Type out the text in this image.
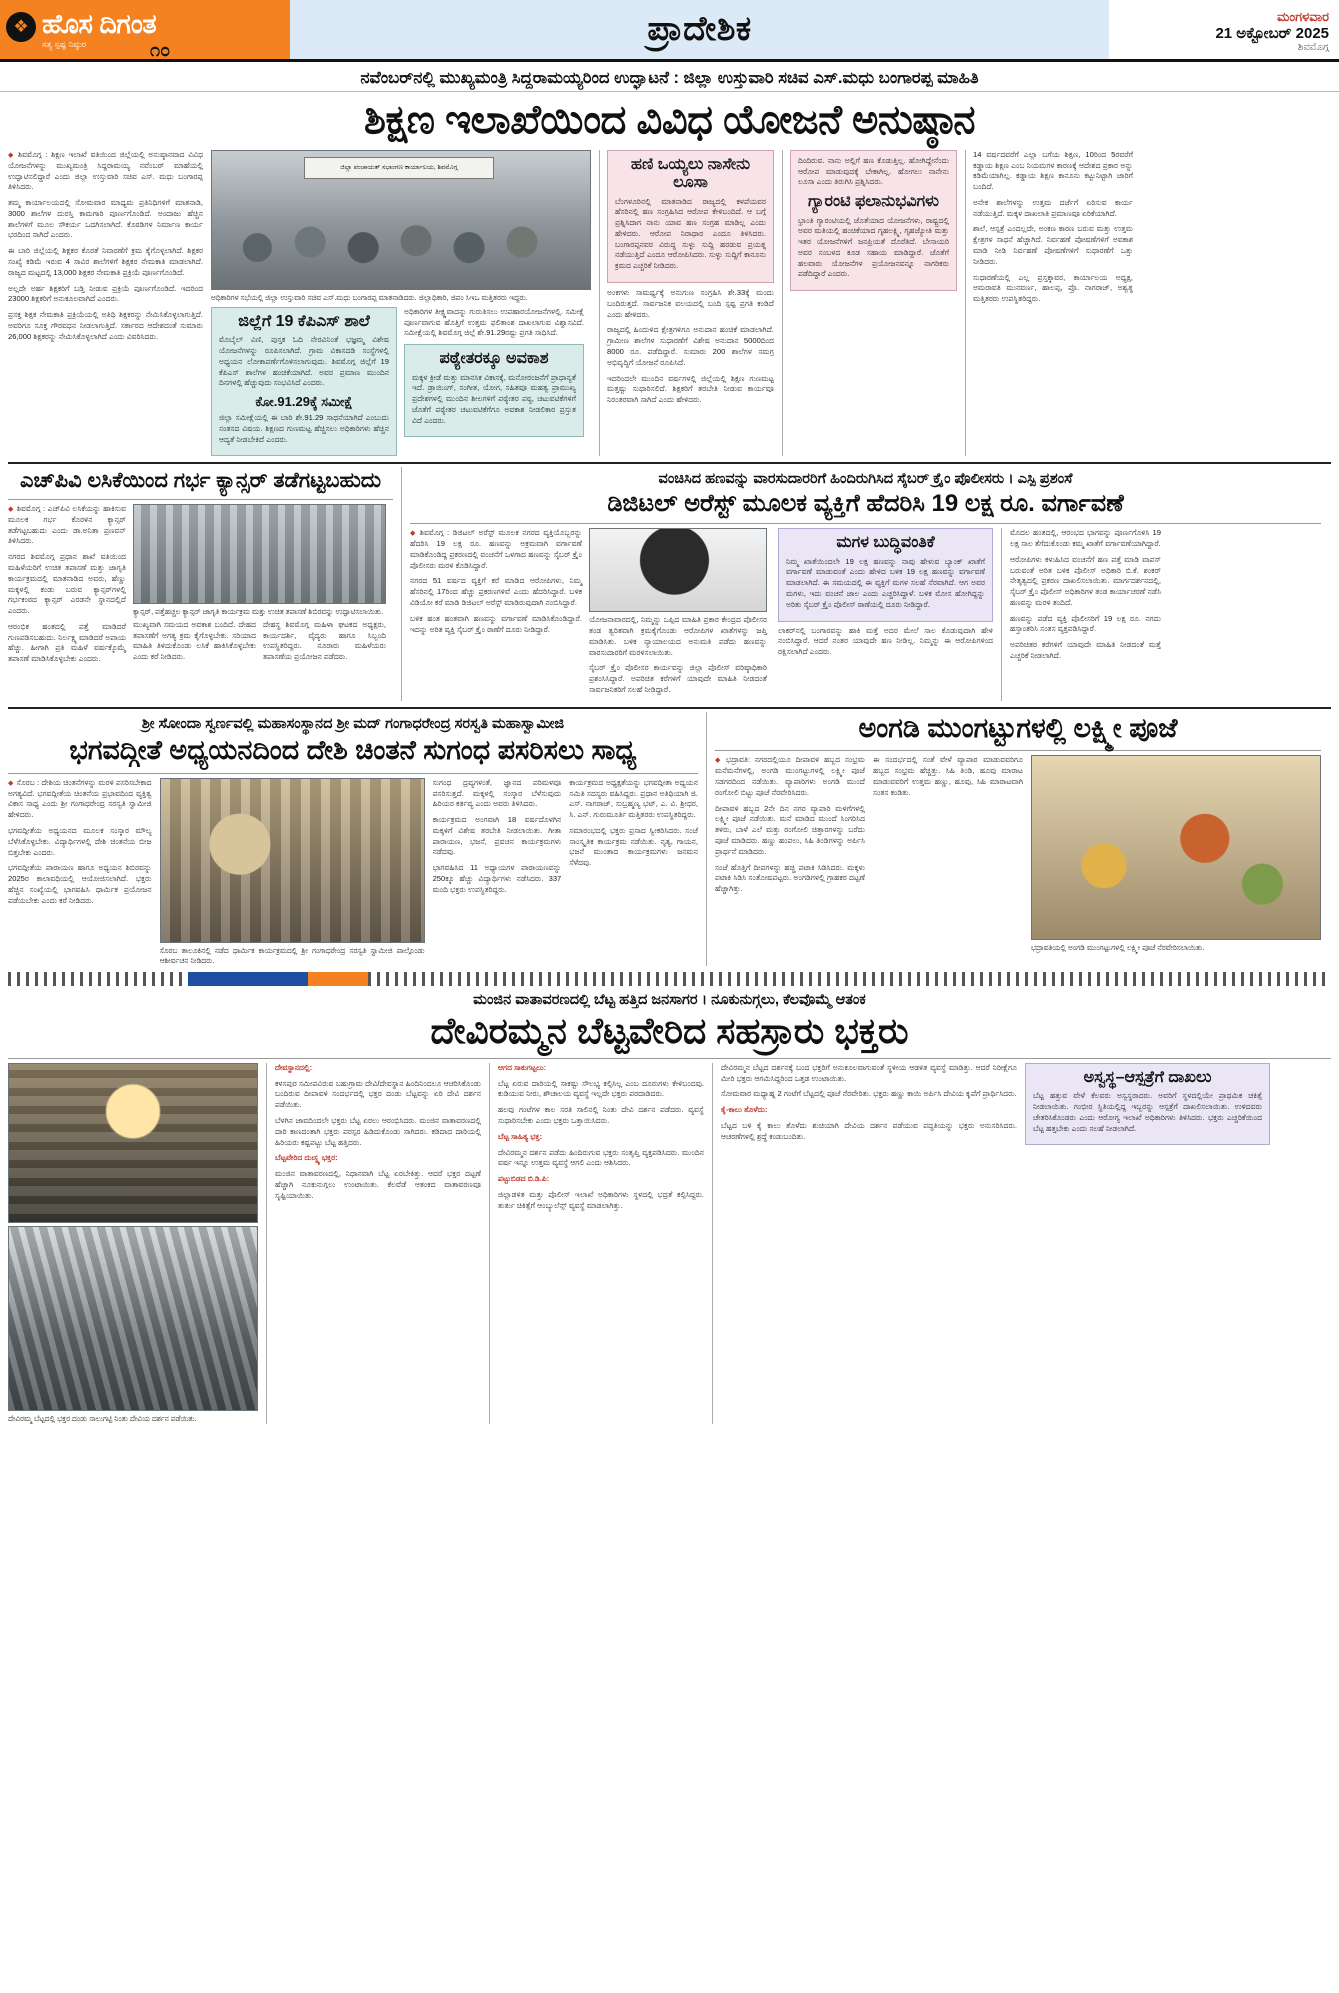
❖ ಹೊಸ ದಿಗಂತ
ಸತ್ಯ ಸ್ಪಷ್ಟ ನಿಷ್ಠುರ	೧೦
ಪ್ರಾದೇಶಿಕ	ಮಂಗಳವಾರ
21 ಅಕ್ಟೋಬರ್ 2025
ಶಿವಮೊಗ್ಗ
ನವೆಂಬರ್‌ನಲ್ಲಿ ಮುಖ್ಯಮಂತ್ರಿ ಸಿದ್ದರಾಮಯ್ಯರಿಂದ ಉದ್ಘಾಟನೆ : ಜಿಲ್ಲಾ ಉಸ್ತುವಾರಿ ಸಚಿವ ಎಸ್.ಮಧು ಬಂಗಾರಪ್ಪ ಮಾಹಿತಿ
ಶಿಕ್ಷಣ ಇಲಾಖೆಯಿಂದ ವಿವಿಧ ಯೋಜನೆ ಅನುಷ್ಠಾನ

◆ ಶಿವಮೊಗ್ಗ : ಶಿಕ್ಷಣ ಇಲಾಖೆ ವತಿಯಿಂದ ಜಿಲ್ಲೆಯಲ್ಲಿ ಅನುಷ್ಠಾನವಾದ ವಿವಿಧ ಯೋಜನೆಗಳನ್ನು ಮುಖ್ಯಮಂತ್ರಿ ಸಿದ್ದರಾಮಯ್ಯ ನವೆಂಬರ್ ಮಾಹೆಯಲ್ಲಿ ಉದ್ಘಾಟಿಸಲಿದ್ದಾರೆ ಎಂದು ಜಿಲ್ಲಾ ಉಸ್ತುವಾರಿ ಸಚಿವ ಎಸ್. ಮಧು ಬಂಗಾರಪ್ಪ ತಿಳಿಸಿದರು.

ತಮ್ಮ ಕಾರ್ಯಾಲಯದಲ್ಲಿ ಸೋಮವಾರ ಮಾಧ್ಯಮ ಪ್ರತಿನಿಧಿಗಳಿಗೆ ಮಾತನಾಡಿ, 3000 ಶಾಲೆಗಳ ದುರಸ್ತಿ ಕಾಮಗಾರಿ ಪೂರ್ಣಗೊಂಡಿದೆ. ಅಂದಾಜು ಹೆಚ್ಚಿನ ಶಾಲೆಗಳಿಗೆ ಮೂಲ ಸೌಕರ್ಯ ಒದಗಿಸಲಾಗಿದೆ. ಕೊಠಡಿಗಳ ನಿರ್ಮಾಣ ಕಾರ್ಯ ಭರದಿಂದ ಸಾಗಿದೆ ಎಂದರು.

ಈ ಬಾರಿ ಜಿಲ್ಲೆಯಲ್ಲಿ ಶಿಕ್ಷಕರ ಕೊರತೆ ನಿವಾರಣೆಗೆ ಕ್ರಮ ಕೈಗೊಳ್ಳಲಾಗಿದೆ. ಶಿಕ್ಷಕರ ಸಂಖ್ಯೆ ಕಡಿಮೆ ಇರುವ 4 ಸಾವಿರ ಶಾಲೆಗಳಿಗೆ ಶಿಕ್ಷಕರ ನೇಮಕಾತಿ ಮಾಡಲಾಗಿದೆ. ರಾಜ್ಯದ ಮಟ್ಟದಲ್ಲಿ 13,000 ಶಿಕ್ಷಕರ ನೇಮಕಾತಿ ಪ್ರಕ್ರಿಯೆ ಪೂರ್ಣಗೊಂಡಿದೆ.

ಅಲ್ಲದೇ ಅರ್ಹ ಶಿಕ್ಷಕರಿಗೆ ಬಡ್ತಿ ನೀಡುವ ಪ್ರಕ್ರಿಯೆ ಪೂರ್ಣಗೊಂಡಿದೆ. ಇದರಿಂದ 23000 ಶಿಕ್ಷಕರಿಗೆ ಅನುಕೂಲವಾಗಿದೆ ಎಂದರು.

ಪ್ರಸಕ್ತ ಶಿಕ್ಷಕ ನೇಮಕಾತಿ ಪ್ರಕ್ರಿಯೆಯಲ್ಲಿ ಅತಿಥಿ ಶಿಕ್ಷಕರನ್ನು ನೇಮಿಸಿಕೊಳ್ಳಲಾಗುತ್ತಿದೆ. ಅವರಿಗೂ ಸೂಕ್ತ ಗೌರವಧನ ನೀಡಲಾಗುತ್ತಿದೆ. ಸರ್ಕಾರದ ಆದೇಶದಂತೆ ಸುಮಾರು 26,000 ಶಿಕ್ಷಕರನ್ನು ನೇಮಿಸಿಕೊಳ್ಳಲಾಗಿದೆ ಎಂದು ವಿವರಿಸಿದರು.

ಜಿಲ್ಲಾ ಪಂಚಾಯತ್ ಸಭಾಂಗಣ ಕಾರ್ಯಾಲಯ, ಶಿವಮೊಗ್ಗ
ಅಧಿಕಾರಿಗಳ ಸಭೆಯಲ್ಲಿ ಜಿಲ್ಲಾ ಉಸ್ತುವಾರಿ ಸಚಿವ ಎಸ್.ಮಧು ಬಂಗಾರಪ್ಪ ಮಾತನಾಡಿದರು. ಜಿಲ್ಲಾಧಿಕಾರಿ, ಜಿಪಂ ಸಿಇಒ ಮತ್ತಿತರರು ಇದ್ದರು.
ಜಿಲ್ಲೆಗೆ 19 ಕೆಪಿಎಸ್ ಶಾಲೆ

ಮೊಬೈಲ್ ವಿಣಿ, ಪುಸ್ತಕ ಓದಿ ನೇರವಿನಿಂತೆ ಭಜ್ಞಮ್ಮ ವಿಶೇಷ ಯೋಜನೆಗಳನ್ನು ರೂಪಿಸಲಾಗಿದೆ. ಗ್ರಾಮ ವಿಕಾಸದಡಿ ಸಂಸ್ಥೆಗಳಲ್ಲಿ ಅಧ್ಯಯನ ಲೋಕಾಪರ್ಣೆಗೊಳಿಸಲಾಗುವುದು. ಶಿವಮೊಗ್ಗ ಜಿಲ್ಲೆಗೆ 19 ಕೆಪಿಎಸ್ ಶಾಲೆಗಳ ಹಂಚಿಕೆಯಾಗಿದೆ. ಅವರ ಪ್ರಮಾಣ ಮುಂದಿನ ದಿನಗಳಲ್ಲಿ ಹೆಚ್ಚುವುದು ಸಂಭವಿಸಿದೆ ಎಂದರು.

ಕೋ.91.29ಕ್ಕೆ ಸಮೀಕ್ಷೆ

ಜಿಲ್ಲಾ ಸಮೀಕ್ಷೆಯಲ್ಲಿ ಈ ಬಾರಿ ಶೇ.91.29 ಸಾಧನೆಯಾಗಿದೆ ಎಂಬುದು ಸಂತಸದ ವಿಷಯ. ಶಿಕ್ಷಣದ ಗುಣಮಟ್ಟ ಹೆಚ್ಚಿಸಲು ಅಧಿಕಾರಿಗಳು ಹೆಚ್ಚಿನ ಆದ್ಯತೆ ನೀಡಬೇಕಿದೆ ಎಂದರು.

ಅಧಿಕಾರಿಗಳ ತೀಕ್ಷ್ಣವಾದನ್ನು ಗುರುತಿಸಲು ಉಪಹಾರಯೋಜನೆಗಳಲ್ಲಿ. ಸಮೀಕ್ಷೆ ಪೂರ್ಣವಾಗುವ ಹೊತ್ತಿಗೆ ಉತ್ತಮ ಫಲಿತಾಂಶ ದಾಖಲಾಗುವ ವಿಶ್ವಾಸವಿದೆ. ಸಮೀಕ್ಷೆಯಲ್ಲಿ ಶಿವಮೊಗ್ಗ ಜಿಲ್ಲೆ ಶೇ.91.29ರಷ್ಟು ಪ್ರಗತಿ ಸಾಧಿಸಿದೆ.

ಪಠ್ಯೇತರಕ್ಕೂ ಅವಕಾಶ

ಮಕ್ಕಳ ಕ್ರೀಡೆ ಮತ್ತು ಮಾನಸಿಕ ವಿಕಾಸಕ್ಕೆ, ಮನೋರಂಜನೆಗೆ ಪ್ರಾಧಾನ್ಯತೆ ಇದೆ. ಡ್ರಾಯಿಂಗ್, ಸಂಗೀತ, ಯೋಗ, ಸಹಿತವೂ ಮಹತ್ವ ಪ್ರಾಮುಖ್ಯ ಪ್ರದೇಶಗಳಲ್ಲಿ ಮುಂದಿನ ಶೀಲಗಳಿಗೆ ಪಠ್ಯೇತರ ಪಠ್ಯ, ಚಟುವಟಿಕೆಗಳಿಗೆ ಜೊತೆಗೆ ಪಠ್ಯೇತರ ಚಟುವಟಿಕೆಗೆಗೂ ಅವಕಾಶ ನೀಡಲಿಕಾರ ಪ್ರಸ್ತುತ ವಿದೆ ಎಂದರು.

ಹಣಿ ಒಯ್ಯಲು ನಾಸೇನು ಲೂಸಾ

ಬೆಂಗಳೂರಿನಲ್ಲಿ ಮಾತನಾಡಿದ ರಾಜ್ಯದಲ್ಲಿ ಕಳಪೆಯವರ ಹೆಸರಿನಲ್ಲಿ ಹಣ ಸಂಗ್ರಹಿಸಿದ ಆರೋಪ ಕೇಳಿಬಂದಿದೆ. ಆ ಬಗ್ಗೆ ಪ್ರಶ್ನಿಸಿದಾಗ ನಾನು ಯಾವ ಹಣ ಸಂಗ್ರಹ ಮಾಡಿಲ್ಲ ಎಂದು ಹೇಳಿದರು. ಆರೋಪ ನಿರಾಧಾರ ಎಂದೂ ತಿಳಿಸಿದರು. ಬಂಗಾರಪ್ಪನವರ ವಿರುದ್ಧ ಸುಳ್ಳು ಸುದ್ದಿ ಹರಡುವ ಪ್ರಯತ್ನ ನಡೆಯುತ್ತಿದೆ ಎಂದೂ ಆರೋಪಿಸಿದರು. ಸುಳ್ಳು ಸುದ್ದಿಗೆ ಕಾನೂನು ಕ್ರಮದ ಎಚ್ಚರಿಕೆ ನೀಡಿದರು.

ಅಂಕಗಳು ಸಾಮರ್ಥ್ಯಕ್ಕೆ ಅನುಗುಣ ಸಂಗ್ರಹಿಸಿ ಶೇ.33ಕ್ಕೆ ಮಂದು ಬಂದಿರುತ್ತದೆ. ಸಾರ್ವಜನಿಕ ವಲಯದಲ್ಲಿ ಬಂದಿ ಸ್ಪಷ್ಟ ಪ್ರಗತಿ ಕಂಡಿದೆ ಎಂದು ಹೇಳಿದರು.

ರಾಜ್ಯದಲ್ಲಿ ಹಿಂದುಳಿದ ಕ್ಷೇತ್ರಗಳಿಗೂ ಅನುದಾನ ಹಂಚಿಕೆ ಮಾಡಲಾಗಿದೆ. ಗ್ರಾಮೀಣ ಶಾಲೆಗಳ ಸುಧಾರಣೆಗೆ ವಿಶೇಷ ಅನುದಾನ 5000ದಿಂದ 8000 ರೂ. ಪಡೆದಿದ್ದಾರೆ. ಸುಮಾರು 200 ಶಾಲೆಗಳ ಸಮಗ್ರ ಅಭಿವೃದ್ಧಿಗೆ ಯೋಜನೆ ರೂಪಿಸಿದೆ.

ಇದರಿಂದಲೇ ಮುಂದಿನ ವರ್ಷಗಳಲ್ಲಿ ಜಿಲ್ಲೆಯಲ್ಲಿ ಶಿಕ್ಷಣ ಗುಣಮಟ್ಟ ಮತ್ತಷ್ಟು ಸುಧಾರಿಸಲಿದೆ. ಶಿಕ್ಷಕರಿಗೆ ತರಬೇತಿ ನೀಡುವ ಕಾರ್ಯವೂ ನಿರಂತರವಾಗಿ ಸಾಗಿದೆ ಎಂದು ಹೇಳಿದರು.

ದಿಂದಿರುವ. ನಾನು ಅಲ್ಲಿಗೆ ಹಣ ಕೊಡುತ್ತಿಲ್ಲ. ಹೋಗಿದ್ದೇನೆಂದು ಆರೋಪ ಮಾಡುವುದಕ್ಕೆ ಬೇಕಾಗಿಲ್ಲ. ಹೋಗಲು ನಾನೇನು ಲೂಸಾ ಎಂದು ತಿರುಗಿಸಿ ಪ್ರಶ್ನಿಸಿದರು.

ಗ್ಯಾರಂಟಿ ಫಲಾನುಭವಿಗಳು

ಭ್ರಾಂತಿ ಗ್ಯಾರಂಟಿಯಲ್ಲಿ ಜೊತೆಯಾದ ಯೋಜನೆಗಳು, ರಾಷ್ಟ್ರದಲ್ಲಿ ಅವರ ಮತಿಯಲ್ಲಿ ಹಂಚಿಕೆಯಾದ ಗೃಹಲಕ್ಷ್ಮಿ, ಗೃಹಜ್ಯೋತಿ ಮತ್ತು ಇತರ ಯೋಜನೆಗಳಿಗೆ ಜನಪ್ರಿಯತೆ ದೊರೆತಿದೆ. ಬೇಸಾಯರಿ ಅವರ ಸಂಬಳದ ಕೂಡ ಸಹಾಯ ಮಾಡಿದ್ದಾರೆ. ಜೊತೆಗೆ ಹಲವಾರು ಯೋಜನೆಗಳ ಪ್ರಯೋಜನವನ್ನೂ ನಾಗರಿಕರು ಪಡೆದಿದ್ದಾರೆ ಎಂದರು.

14 ವರ್ಷದವರೆಗೆ ಎಲ್ಲಾ ಬಗೆಯ ಶಿಕ್ಷಣ, 10ರಿಂದ 5ರವರೆಗೆ ಕಡ್ಡಾಯ ಶಿಕ್ಷಣ ಎಂಬ ನಿಯಮಗಳ ಕಾರಣಕ್ಕೆ ಆದೇಶದ ಪ್ರಕಾರ ಅನ್ನು ಕಡಿಮೆಯಾಗಿಲ್ಲ. ಕಡ್ಡಾಯ ಶಿಕ್ಷಣ ಕಾನೂನು ಕಟ್ಟುನಿಟ್ಟಾಗಿ ಜಾರಿಗೆ ಬಂದಿದೆ.

ಅನೇಕ ಶಾಲೆಗಳನ್ನು ಉತ್ತಮ ದರ್ಜೆಗೆ ಏರಿಸುವ ಕಾರ್ಯ ನಡೆಯುತ್ತಿದೆ. ಮಕ್ಕಳ ದಾಖಲಾತಿ ಪ್ರಮಾಣವೂ ಏರಿಕೆಯಾಗಿದೆ.

ಶಾಲೆ, ಆಸ್ಪತ್ರೆ ಎಂದಲ್ಲದೇ, ಅಂಕಣ ಕಾರಣ ಬರುವ ಮತ್ತು ಉತ್ತಮ ಕ್ಷೇತ್ರಗಳ ಸಾಧನೆ ಹೆಚ್ಚಾಗಿದೆ. ನಿರ್ವಹಣೆ ಪೋಷಣೆಗಳಿಗೆ ಅವಕಾಶ ಮಾಡಿ ನೀಡಿ ನಿರ್ವಹಣೆ ಪೋಷಣೆಗಳಿಗೆ ಸುಧಾರಣೆಗೆ ಒತ್ತು ನೀಡಿದರು.

ಸುಧಾರಣೆಯಲ್ಲಿ ಎಲ್ಲ ಪ್ರಸ್ತಕ್ಕಾವರ, ಕಾರ್ಯಾಲಯ ಅಧ್ಯಕ್ಷ, ಅಮರಾವತಿ ಮುನವರ್ಣ, ಹಾಲಪ್ಪ, ಪ್ರೊ. ನಾಗರಾಜ್, ಅಶ್ವತ್ಥ ಮತ್ತಿತರರು ಉಪಸ್ಥಿತರಿದ್ದರು.

ಎಚ್‌ಪಿವಿ ಲಸಿಕೆಯಿಂದ ಗರ್ಭ ಕ್ಯಾನ್ಸರ್ ತಡೆಗಟ್ಟಬಹುದು

◆ ಶಿವಮೊಗ್ಗ : ಎಚ್‌ಪಿವಿ ಲಸಿಕೆಯನ್ನು ಹಾಕಿಸುವ ಮೂಲಕ ಗರ್ಭ ಕೊರಳಿನ ಕ್ಯಾನ್ಸರ್ ತಡೆಗಟ್ಟಬಹುದು ಎಂದು ಡಾ.ಅನಿತಾ ಪ್ರಣವನ್ ತಿಳಿಸಿದರು.

ನಗರದ ಶಿವಮೊಗ್ಗ ಪ್ರಧಾನ ಶಾಖೆ ವತಿಯಿಂದ ಮಹಿಳೆಯರಿಗೆ ಉಚಿತ ತಪಾಸಣೆ ಮತ್ತು ಜಾಗೃತಿ ಕಾರ್ಯಕ್ರಮದಲ್ಲಿ ಮಾತನಾಡಿದ ಅವರು, ಹೆಣ್ಣು ಮಕ್ಕಳಲ್ಲಿ ಕಂಡು ಬರುವ ಕ್ಯಾನ್ಸರ್‌ಗಳಲ್ಲಿ ಗರ್ಭಕಂಠದ ಕ್ಯಾನ್ಸರ್ ಎರಡನೇ ಸ್ಥಾನದಲ್ಲಿದೆ ಎಂದರು.

ಆರಂಭಿಕ ಹಂತದಲ್ಲಿ ಪತ್ತೆ ಮಾಡಿದರೆ ಗುಣಪಡಿಸಬಹುದು. ನಿರ್ಲಕ್ಷ್ಯ ಮಾಡಿದರೆ ಅಪಾಯ ಹೆಚ್ಚು. ಹೀಗಾಗಿ ಪ್ರತಿ ಮಹಿಳೆ ವರ್ಷಕ್ಕೊಮ್ಮೆ ತಪಾಸಣೆ ಮಾಡಿಸಿಕೊಳ್ಳಬೇಕು ಎಂದರು.

ಕ್ಯಾನ್ಸರ್, ಪತ್ತೆಹಚ್ಚಲ ಕ್ಯಾನ್ಸರ್ ಜಾಗೃತಿ ಕಾರ್ಯಕ್ರಮ ಮತ್ತು ಉಚಿತ ತಪಾಸಣೆ ಶಿಬಿರವನ್ನು ಉದ್ಘಾಟಿಸಲಾಯಿತು.

ಮುಖ್ಯವಾಗಿ ಸಮಯದ ಅವಕಾಶ ಬಂದಿದೆ. ದೇಹದ ತಪಾಸಣೆಗೆ ಅಗತ್ಯ ಕ್ರಮ ಕೈಗೊಳ್ಳಬೇಕು. ಸರಿಯಾದ ಮಾಹಿತಿ ತಿಳಿದುಕೊಂಡು ಲಸಿಕೆ ಹಾಕಿಸಿಕೊಳ್ಳಬೇಕು ಎಂದು ಕರೆ ನೀಡಿದರು.

ದೇಹಸ್ಥ ಶಿವಮೊಗ್ಗ ಮಹಿಳಾ ಘಟಕದ ಅಧ್ಯಕ್ಷರು, ಕಾರ್ಯದರ್ಶಿ, ವೈದ್ಯರು ಹಾಗೂ ಸಿಬ್ಬಂದಿ ಉಪಸ್ಥಿತರಿದ್ದರು. ನೂರಾರು ಮಹಿಳೆಯರು ತಪಾಸಣೆಯ ಪ್ರಯೋಜನ ಪಡೆದರು.

ವಂಚಿಸಿದ ಹಣವನ್ನು ವಾರಸುದಾರರಿಗೆ ಹಿಂದಿರುಗಿಸಿದ ಸೈಬರ್ ಕ್ರೈಂ ಪೊಲೀಸರು । ಎಸ್ಪಿ ಪ್ರಶಂಸೆ
ಡಿಜಿಟಲ್ ಅರೆಸ್ಟ್ ಮೂಲಕ ವ್ಯಕ್ತಿಗೆ ಹೆದರಿಸಿ 19 ಲಕ್ಷ ರೂ. ವರ್ಗಾವಣೆ

◆ ಶಿವಮೊಗ್ಗ : ಡಿಜಿಟಲ್ ಅರೆಸ್ಟ್ ಮೂಲಕ ನಗರದ ವ್ಯಕ್ತಿಯೊಬ್ಬರನ್ನು ಹೆದರಿಸಿ 19 ಲಕ್ಷ ರೂ. ಹಣವನ್ನು ಅಕ್ರಮವಾಗಿ ವರ್ಗಾವಣೆ ಮಾಡಿಕೊಂಡಿದ್ದ ಪ್ರಕರಣದಲ್ಲಿ ವಂಚನೆಗೆ ಒಳಗಾದ ಹಣವನ್ನು ಸೈಬರ್ ಕ್ರೈಂ ಪೊಲೀಸರು ಮರಳಿ ಕೊಡಿಸಿದ್ದಾರೆ.

ನಗರದ 51 ವರ್ಷದ ವ್ಯಕ್ತಿಗೆ ಕರೆ ಮಾಡಿದ ಆರೋಪಿಗಳು, ನಿಮ್ಮ ಹೆಸರಿನಲ್ಲಿ 17ರಿಂದ ಹೆಚ್ಚು ಪ್ರಕರಣಗಳಿವೆ ಎಂದು ಹೆದರಿಸಿದ್ದಾರೆ. ಬಳಿಕ ವಿಡಿಯೋ ಕರೆ ಮಾಡಿ ಡಿಜಿಟಲ್ ಅರೆಸ್ಟ್ ಮಾಡಿರುವುದಾಗಿ ನಂಬಿಸಿದ್ದಾರೆ.

ಬಳಿಕ ಹಂತ ಹಂತವಾಗಿ ಹಣವನ್ನು ವರ್ಗಾವಣೆ ಮಾಡಿಸಿಕೊಂಡಿದ್ದಾರೆ. ಇದನ್ನು ಅರಿತ ವ್ಯಕ್ತಿ ಸೈಬರ್ ಕ್ರೈಂ ಠಾಣೆಗೆ ದೂರು ನೀಡಿದ್ದಾರೆ.

ಯೋಜನಾವಾರದಲ್ಲಿ, ನಿಮ್ಮನ್ನು ಒಪ್ಪಿದ ಮಾಹಿತಿ ಪ್ರಕಾರ ಕೇಂದ್ರದ ಪೊಲೀಸರ ತಂಡ ತ್ವರಿತವಾಗಿ ಕ್ರಮಕೈಗೊಂಡು ಆರೋಪಿಗಳ ಖಾತೆಗಳನ್ನು ಜಪ್ತಿ ಮಾಡಿಸಿತು. ಬಳಿಕ ನ್ಯಾಯಾಲಯದ ಅನುಮತಿ ಪಡೆದು ಹಣವನ್ನು ವಾರಸುದಾರರಿಗೆ ಮರಳಿಸಲಾಯಿತು.

ಸೈಬರ್ ಕ್ರೈಂ ಪೊಲೀಸರ ಕಾರ್ಯವನ್ನು ಜಿಲ್ಲಾ ಪೊಲೀಸ್ ವರಿಷ್ಠಾಧಿಕಾರಿ ಪ್ರಶಂಸಿಸಿದ್ದಾರೆ. ಅಪರಿಚಿತ ಕರೆಗಳಿಗೆ ಯಾವುದೇ ಮಾಹಿತಿ ನೀಡದಂತೆ ಸಾರ್ವಜನಿಕರಿಗೆ ಸಲಹೆ ನೀಡಿದ್ದಾರೆ.

ಮಗಳ ಬುದ್ಧಿವಂತಿಕೆ

ನಿಮ್ಮ ಖಾತೆಯಿಂದಲೇ 19 ಲಕ್ಷ ಹಣವನ್ನು ನಾವು ಹೇಳುವ ಬ್ಯಾಂಕ್ ಖಾತೆಗೆ ವರ್ಗಾವಣೆ ಮಾಡುವಂತೆ ಎಂದು ಹೇಳಿದ ಬಳಿಕ 19 ಲಕ್ಷ ಹಣವನ್ನು ವರ್ಗಾವಣೆ ಮಾಡಲಾಗಿದೆ. ಈ ಸಮಯದಲ್ಲಿ ಈ ವ್ಯಕ್ತಿಗೆ ಮಗಳ ಸಲಹೆ ನೆರವಾಗಿದೆ. ಆಗ ಅವರ ಮಗಳು, ಇದು ವಂಚನೆ ಜಾಲ ಎಂದು ಎಚ್ಚರಿಸಿದ್ದಾಳೆ. ಬಳಿಕ ಮೋಸ ಹೋಗಿದ್ದನ್ನು ಅರಿತು ಸೈಬರ್ ಕ್ರೈಂ ಪೊಲೀಸ್ ಠಾಣೆಯಲ್ಲಿ ದೂರು ನೀಡಿದ್ದಾರೆ.

ಲಾಕರ್‌ನಲ್ಲಿ ಬಂಗಾರವನ್ನು ಹಾಕಿ ಮತ್ತೆ ಅದರ ಮೇಲೆ ಸಾಲ ಕೊಡುವುದಾಗಿ ಹೇಳಿ ನಂಬಿಸಿದ್ದಾರೆ. ಆದರೆ ನಂತರ ಯಾವುದೇ ಹಣ ನೀಡಿಲ್ಲ. ನಿಮ್ಮನ್ನು ಈ ಆರೋಪಿಗಳಿಂದ ರಕ್ಷಿಸಲಾಗಿದೆ ಎಂದರು.

ಮೊದಲ ಹಂತದಲ್ಲಿ, ಆರಂಭದ ಭಾಗವನ್ನು ಪೂರ್ಣಗೊಳಿಸಿ 19 ಲಕ್ಷ ಸಾಲ ತೆಗೆದುಕೊಂಡು ಕಮ್ಮ ಖಾತೆಗೆ ವರ್ಗಾವಣೆಯಾಗಿದ್ದಾರೆ.

ಆರೋಪಿಗಳು ಕಳುಹಿಸಿದ ವಂಚನೆಗೆ ಹಣ ಪತ್ತೆ ಮಾಡಿ ವಾಪಸ್ ಬರುವಂತೆ ಅರಿತ ಬಳಿಕ ಪೊಲೀಸ್ ಅಧಿಕಾರಿ ಬಿ.ಕೆ. ಶಂಕರ್ ನೇತೃತ್ವದಲ್ಲಿ ಪ್ರಕರಣ ದಾಖಲಿಸಲಾಯಿತು. ಮಾರ್ಗದರ್ಶನದಲ್ಲಿ, ಸೈಬರ್ ಕ್ರೈಂ ಪೊಲೀಸ್ ಅಧಿಕಾರಿಗಳ ತಂಡ ಕಾರ್ಯಾಚರಣೆ ನಡೆಸಿ ಹಣವನ್ನು ಮರಳಿ ತಂದಿದೆ.

ಹಣವನ್ನು ಪಡೆದ ವ್ಯಕ್ತಿ ಪೊಲೀಸರಿಗೆ 19 ಲಕ್ಷ ರೂ. ನಗದು ಹಸ್ತಾಂತರಿಸಿ ಸಂತಸ ವ್ಯಕ್ತಪಡಿಸಿದ್ದಾರೆ.

ಅಪರಿಚಿತರ ಕರೆಗಳಿಗೆ ಯಾವುದೇ ಮಾಹಿತಿ ನೀಡದಂತೆ ಮತ್ತೆ ಎಚ್ಚರಿಕೆ ನೀಡಲಾಗಿದೆ.

ಶ್ರೀ ಸೋಂದಾ ಸ್ವರ್ಣವಲ್ಲಿ ಮಹಾಸಂಸ್ಥಾನದ ಶ್ರೀ ಮದ್ ಗಂಗಾಧರೇಂದ್ರ ಸರಸ್ವತಿ ಮಹಾಸ್ವಾಮೀಜಿ
ಭಗವದ್ಗೀತೆ ಅಧ್ಯಯನದಿಂದ ದೇಶಿ ಚಿಂತನೆ ಸುಗಂಧ ಪಸರಿಸಲು ಸಾಧ್ಯ

◆ ಸೊರಬ : ದೇಶಿಯ ಚಿಂತನೆಗಳನ್ನು ಮರಳಿ ಪಸರಿಸಬೇಕಾದ ಅಗತ್ಯವಿದೆ. ಭಗವದ್ಗೀತೆಯ ಚಿಂತನೆಯ ಪ್ರಭಾವದಿಂದ ವ್ಯಕ್ತಿತ್ವ ವಿಕಾಸ ಸಾಧ್ಯ ಎಂದು ಶ್ರೀ ಗಂಗಾಧರೇಂದ್ರ ಸರಸ್ವತಿ ಸ್ವಾಮೀಜಿ ಹೇಳಿದರು.

ಭಗವದ್ಗೀತೆಯ ಅಧ್ಯಯನದ ಮೂಲಕ ಸಂಸ್ಕಾರ ಮೌಲ್ಯ ಬೆಳೆಸಿಕೊಳ್ಳಬೇಕು. ವಿದ್ಯಾರ್ಥಿಗಳಲ್ಲಿ ದೇಶಿ ಚಿಂತನೆಯ ಬೀಜ ಬಿತ್ತಬೇಕು ಎಂದರು.

ಭಗವದ್ಗೀತೆಯ ಪಾರಾಯಣ ಹಾಗೂ ಅಧ್ಯಯನ ಶಿಬಿರವನ್ನು 2025ರ ಕಾಲಾವಧಿಯಲ್ಲಿ ಆಯೋಜಿಸಲಾಗಿದೆ. ಭಕ್ತರು ಹೆಚ್ಚಿನ ಸಂಖ್ಯೆಯಲ್ಲಿ ಭಾಗವಹಿಸಿ ಧಾರ್ಮಿಕ ಪ್ರಯೋಜನ ಪಡೆಯಬೇಕು ಎಂದು ಕರೆ ನೀಡಿದರು.

ಸೊರಬ ತಾಲೂಕಿನಲ್ಲಿ ನಡೆದ ಧಾರ್ಮಿಕ ಕಾರ್ಯಕ್ರಮದಲ್ಲಿ ಶ್ರೀ ಗಂಗಾಧರೇಂದ್ರ ಸರಸ್ವತಿ ಸ್ವಾಮೀಜಿ ಪಾಲ್ಗೊಂಡು ಆಶೀರ್ವಚನ ನೀಡಿದರು.

ಸುಗಂಧ ದ್ರವ್ಯಗಳಂತೆ, ಜ್ಞಾನದ ಪರಿಮಳವೂ ಪಸರಿಸುತ್ತದೆ. ಮಕ್ಕಳಲ್ಲಿ ಸಂಸ್ಕಾರ ಬೆಳೆಸುವುದು ಹಿರಿಯರ ಕರ್ತವ್ಯ ಎಂದು ಅವರು ತಿಳಿಸಿದರು.

ಕಾರ್ಯಕ್ರಮದ ಅಂಗವಾಗಿ 18 ವರ್ಷದೊಳಗಿನ ಮಕ್ಕಳಿಗೆ ವಿಶೇಷ ತರಬೇತಿ ನೀಡಲಾಯಿತು. ಗೀತಾ ಪಾರಾಯಣ, ಭಜನೆ, ಪ್ರವಚನ ಕಾರ್ಯಕ್ರಮಗಳು ನಡೆದವು.

ಭಾಗವಹಿಸಿದ 11 ಅಧ್ಯಾಯಗಳ ಪಾರಾಯಣವನ್ನು 250ಕ್ಕೂ ಹೆಚ್ಚು ವಿದ್ಯಾರ್ಥಿಗಳು ನಡೆಸಿದರು. 337 ಮಂದಿ ಭಕ್ತರು ಉಪಸ್ಥಿತರಿದ್ದರು.

ಕಾರ್ಯಕ್ರಮದ ಅಧ್ಯಕ್ಷತೆಯನ್ನು ಭಗವದ್ಗೀತಾ ಅಧ್ಯಯನ ಸಮಿತಿ ಸದಸ್ಯರು ವಹಿಸಿದ್ದರು. ಪ್ರಧಾನ ಅತಿಥಿಯಾಗಿ ಜಿ. ಎಸ್. ನಾಗರಾಜ್, ಸುಬ್ರಹ್ಮಣ್ಯ ಭಟ್, ಎ. ವಿ. ಶ್ರೀಧರ, ಸಿ. ಎನ್. ಗುರುಮೂರ್ತಿ ಮತ್ತಿತರರು ಉಪಸ್ಥಿತರಿದ್ದರು.

ಸಮಾರಂಭದಲ್ಲಿ ಭಕ್ತರು ಪ್ರಸಾದ ಸ್ವೀಕರಿಸಿದರು. ಸಂಜೆ ಸಾಂಸ್ಕೃತಿಕ ಕಾರ್ಯಕ್ರಮ ನಡೆಯಿತು. ನೃತ್ಯ, ಗಾಯನ, ಭಜನೆ ಮುಂತಾದ ಕಾರ್ಯಕ್ರಮಗಳು ಜನಮನ ಸೆಳೆದವು.

ಅಂಗಡಿ ಮುಂಗಟ್ಟುಗಳಲ್ಲಿ ಲಕ್ಷ್ಮೀ ಪೂಜೆ

◆ ಭದ್ರಾವತಿ: ನಗರದಲ್ಲಿಯೂ ದೀಪಾವಳಿ ಹಬ್ಬದ ಸಂಭ್ರಮ ಮನೆಮನೆಗಳಲ್ಲಿ, ಅಂಗಡಿ ಮುಂಗಟ್ಟುಗಳಲ್ಲಿ ಲಕ್ಷ್ಮೀ ಪೂಜೆ ಸಡಗರದಿಂದ ನಡೆಯಿತು. ವ್ಯಾಪಾರಿಗಳು ಅಂಗಡಿ ಮುಂದೆ ರಂಗೋಲಿ ಬಿಟ್ಟು ಪೂಜೆ ನೆರವೇರಿಸಿದರು.

ದೀಪಾವಳಿ ಹಬ್ಬದ 2ನೇ ದಿನ ನಗರ ವ್ಯಾಪಾರಿ ಮಳಿಗೆಗಳಲ್ಲಿ ಲಕ್ಷ್ಮೀ ಪೂಜೆ ನಡೆಯಿತು. ಮನೆ ಮಾಡಿದ ಮುಂದೆ ಸಿಂಗರಿಸಿದ ತಳಿರು, ಬಾಳೆ ಎಲೆ ಮತ್ತು ರಂಗೋಲಿ ಚಿತ್ತಾರಗಳನ್ನು ಬರೆದು ಪೂಜೆ ಮಾಡಿದರು. ಹಣ್ಣು ಹಂಪಲು, ಸಿಹಿ ತಿಂಡಿಗಳನ್ನು ಅರ್ಪಿಸಿ ಪ್ರಾರ್ಥನೆ ಮಾಡಿದರು.

ಸಂಜೆ ಹೊತ್ತಿಗೆ ದೀಪಗಳನ್ನು ಹಚ್ಚಿ ಪಟಾಕಿ ಸಿಡಿಸಿದರು. ಮಕ್ಕಳು ಪಟಾಕಿ ಸಿಡಿಸಿ ಸಂತೋಷಪಟ್ಟರು. ಅಂಗಡಿಗಳಲ್ಲಿ ಗ್ರಾಹಕರ ದಟ್ಟಣೆ ಹೆಚ್ಚಾಗಿತ್ತು.

ಈ ಸಂದರ್ಭದಲ್ಲಿ ಸಂತೆ ವೇಳೆ ವ್ಯಾಪಾರ ಮಾಡುವವರಿಗೂ ಹಬ್ಬದ ಸಂಭ್ರಮ ಹೆಚ್ಚಿತ್ತು. ಸಿಹಿ ತಿಂಡಿ, ಹೂವು ಮಾರಾಟ ಮಾಡುವವರಿಗೆ ಉತ್ತಮ ಹಣ್ಣು, ಹೂವು, ಸಿಹಿ ಮಾರಾಟವಾಗಿ ಸಂತಸ ಕಂಡಿತು.

ಭದ್ರಾವತಿಯಲ್ಲಿ ಅಂಗಡಿ ಮುಂಗಟ್ಟುಗಳಲ್ಲಿ ಲಕ್ಷ್ಮೀ ಪೂಜೆ ನೆರವೇರಿಸಲಾಯಿತು.
ಮಂಜಿನ ವಾತಾವರಣದಲ್ಲಿ ಬೆಟ್ಟ ಹತ್ತಿದ ಜನಸಾಗರ । ನೂಕುನುಗ್ಗಲು, ಕೆಲವೊಮ್ಮೆ ಆತಂಕ
ದೇವಿರಮ್ಮನ ಬೆಟ್ಟವೇರಿದ ಸಹಸ್ರಾರು ಭಕ್ತರು
ದೇವಿರಮ್ಮ ಬೆಟ್ಟದಲ್ಲಿ ಭಕ್ತರ ದಂಡು ಸಾಲುಗಟ್ಟಿ ನಿಂತು ದೇವಿಯ ದರ್ಶನ ಪಡೆಯಿತು.

ದೇವಸ್ಥಾನದಲ್ಲಿ:

ಕಳಸಪುರ ಸಮೀಪವಿರುವ ಬಹುಗ್ರಾಮ ದೇವಿ/ದೇವಸ್ಥಾನ ಹಿಂದಿನಿಂದಲೂ ಆಚರಿಸಿಕೊಂಡು ಬಂದಿರುವ ದೀಪಾವಳಿ ಸಂದರ್ಭದಲ್ಲಿ ಭಕ್ತರ ದಂಡು ಬೆಟ್ಟವನ್ನು ಏರಿ ದೇವಿ ದರ್ಶನ ಪಡೆಯಿತು.

ಬೆಳಗಿನ ಜಾವದಿಂದಲೇ ಭಕ್ತರು ಬೆಟ್ಟ ಏರಲು ಆರಂಭಿಸಿದರು. ಮಂಜಿನ ವಾತಾವರಣದಲ್ಲಿ ದಾರಿ ಕಾಣದಂತಾಗಿ ಭಕ್ತರು ಪರಸ್ಪರ ಹಿಡಿದುಕೊಂಡು ಸಾಗಿದರು. ಕಡಿದಾದ ದಾರಿಯಲ್ಲಿ ಹಿರಿಯರು ಕಷ್ಟಪಟ್ಟು ಬೆಟ್ಟ ಹತ್ತಿದರು.

ಬೆಟ್ಟವೇರಿದ ದುಃಸ್ಥ್ಯ ಭಕ್ತರ:

ಮಂಜಿನ ವಾತಾವರಣದಲ್ಲಿ, ನಿಧಾನವಾಗಿ ಬೆಟ್ಟ ಏರಬೇಕಿತ್ತು. ಆದರೆ ಭಕ್ತರ ದಟ್ಟಣೆ ಹೆಚ್ಚಾಗಿ ನೂಕುನುಗ್ಗಲು ಉಂಟಾಯಿತು. ಕೆಲವೆಡೆ ಆತಂಕದ ವಾತಾವರಣವೂ ಸೃಷ್ಟಿಯಾಯಿತು.

ಆಗದ ಸಾಕುಗಟ್ಟಲು:

ಬೆಟ್ಟ ಏರುವ ದಾರಿಯಲ್ಲಿ ಸಾಕಷ್ಟು ಸೌಲಭ್ಯ ಕಲ್ಪಿಸಿಲ್ಲ ಎಂಬ ದೂರುಗಳು ಕೇಳಿಬಂದವು. ಕುಡಿಯುವ ನೀರು, ಶೌಚಾಲಯ ವ್ಯವಸ್ಥೆ ಇಲ್ಲದೇ ಭಕ್ತರು ಪರದಾಡಿದರು.

ಹಲವು ಗಂಟೆಗಳ ಕಾಲ ಸರತಿ ಸಾಲಿನಲ್ಲಿ ನಿಂತು ದೇವಿ ದರ್ಶನ ಪಡೆದರು. ವ್ಯವಸ್ಥೆ ಸುಧಾರಿಸಬೇಕು ಎಂದು ಭಕ್ತರು ಒತ್ತಾಯಿಸಿದರು.

ಬೆಟ್ಟ ಸಾಹಿತ್ಯ ಭಕ್ತ:

ದೇವಿರಮ್ಮನ ದರ್ಶನ ಪಡೆದು ಹಿಂದಿರುಗುವ ಭಕ್ತರು ಸಂತೃಪ್ತಿ ವ್ಯಕ್ತಪಡಿಸಿದರು. ಮುಂದಿನ ವರ್ಷ ಇನ್ನೂ ಉತ್ತಮ ವ್ಯವಸ್ಥೆ ಆಗಲಿ ಎಂದು ಆಶಿಸಿದರು.

ಪಟ್ಟುಬಿಡದ ಬಿ.ಡಿ.ಪಿ:

ಜಿಲ್ಲಾಡಳಿತ ಮತ್ತು ಪೊಲೀಸ್ ಇಲಾಖೆ ಅಧಿಕಾರಿಗಳು ಸ್ಥಳದಲ್ಲಿ ಭದ್ರತೆ ಕಲ್ಪಿಸಿದ್ದರು. ತುರ್ತು ಚಿಕಿತ್ಸೆಗೆ ಆಂಬ್ಯುಲೆನ್ಸ್ ವ್ಯವಸ್ಥೆ ಮಾಡಲಾಗಿತ್ತು.

ದೇವಿರಮ್ಮನ ಬೆಟ್ಟದ ದರ್ಶನಕ್ಕೆ ಬಂದ ಭಕ್ತರಿಗೆ ಅನುಕೂಲವಾಗುವಂತೆ ಸ್ಥಳೀಯ ಆಡಳಿತ ವ್ಯವಸ್ಥೆ ಮಾಡಿತ್ತು. ಆದರೆ ನಿರೀಕ್ಷೆಗೂ ಮೀರಿ ಭಕ್ತರು ಆಗಮಿಸಿದ್ದರಿಂದ ಒತ್ತಡ ಉಂಟಾಯಿತು.

ಸೋಮವಾರ ಮಧ್ಯಾಹ್ನ 2 ಗಂಟೆಗೆ ಬೆಟ್ಟದಲ್ಲಿ ಪೂಜೆ ನೆರವೇರಿತು. ಭಕ್ತರು ಹಣ್ಣು ಕಾಯಿ ಅರ್ಪಿಸಿ ದೇವಿಯ ಕೃಪೆಗೆ ಪ್ರಾರ್ಥಿಸಿದರು.

ಕೈ-ಕಾಲು ತೊಳೆದು:

ಬೆಟ್ಟದ ಬಳಿ ಕೈ ಕಾಲು ತೊಳೆದು ಶುಚಿಯಾಗಿ ದೇವಿಯ ದರ್ಶನ ಪಡೆಯುವ ಪದ್ಧತಿಯನ್ನು ಭಕ್ತರು ಅನುಸರಿಸಿದರು. ಆಚರಣೆಗಳಲ್ಲಿ ಶ್ರದ್ಧೆ ಕಂಡುಬಂದಿತು.

ಅಸ್ವಸ್ಥ–ಆಸ್ಪತ್ರೆಗೆ ದಾಖಲು

ಬೆಟ್ಟ ಹತ್ತುವ ವೇಳೆ ಕೆಲವರು ಅಸ್ವಸ್ಥರಾದರು. ಅವರಿಗೆ ಸ್ಥಳದಲ್ಲಿಯೇ ಪ್ರಾಥಮಿಕ ಚಿಕಿತ್ಸೆ ನೀಡಲಾಯಿತು. ಗಂಭೀರ ಸ್ಥಿತಿಯಲ್ಲಿದ್ದ ಇಬ್ಬರನ್ನು ಆಸ್ಪತ್ರೆಗೆ ದಾಖಲಿಸಲಾಯಿತು. ಉಳಿದವರು ಚೇತರಿಸಿಕೊಂಡರು ಎಂದು ಆರೋಗ್ಯ ಇಲಾಖೆ ಅಧಿಕಾರಿಗಳು ತಿಳಿಸಿದರು. ಭಕ್ತರು ಎಚ್ಚರಿಕೆಯಿಂದ ಬೆಟ್ಟ ಹತ್ತಬೇಕು ಎಂದು ಸಲಹೆ ನೀಡಲಾಗಿದೆ.
